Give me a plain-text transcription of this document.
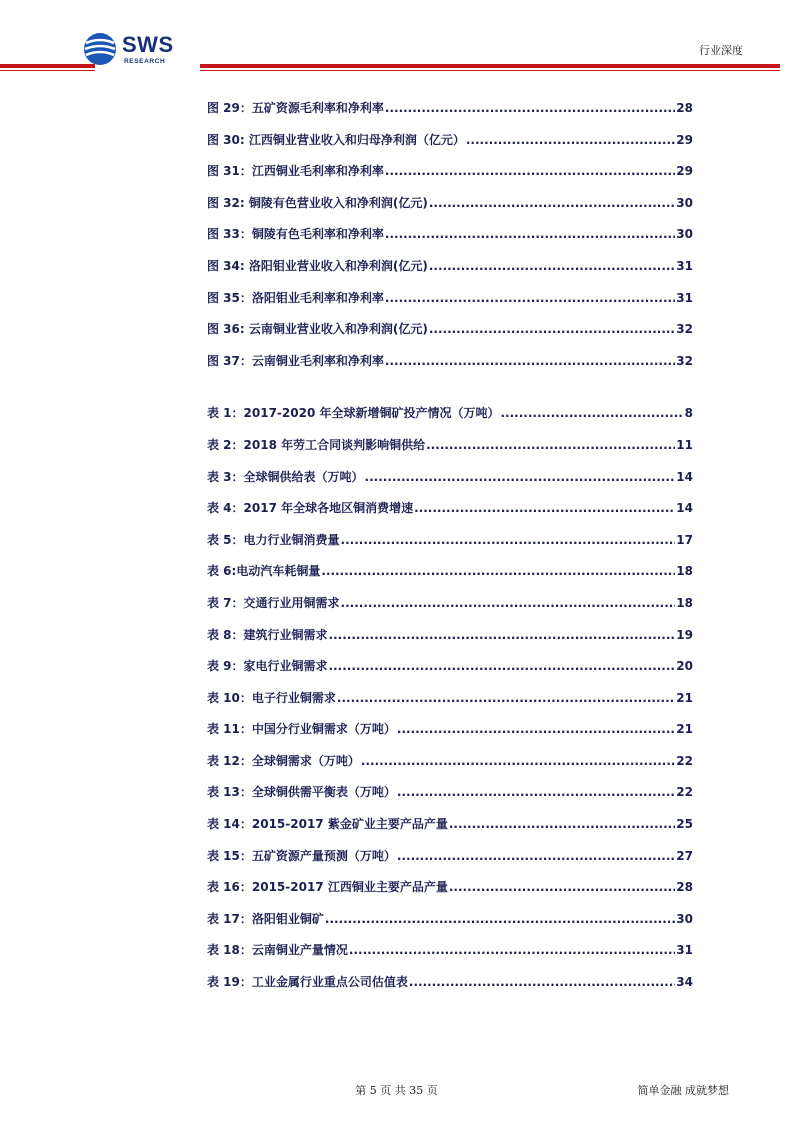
SWS
RESEARCH
行业深度
图 29：五矿资源毛利率和净利率 .....	28
图 30: 江西铜业营业收入和归母净利润（亿元） .....	29
图 31：江西铜业毛利率和净利率 .....	29
图 32: 铜陵有色营业收入和净利润(亿元) .....	30
图 33：铜陵有色毛利率和净利率 .....	30
图 34: 洛阳钼业营业收入和净利润(亿元) .....	31
图 35：洛阳钼业毛利率和净利率 .....	31
图 36: 云南铜业营业收入和净利润(亿元) .....	32
图 37：云南铜业毛利率和净利率 .....	32
表 1：2017-2020 年全球新增铜矿投产情况（万吨） .....	8
表 2：2018 年劳工合同谈判影响铜供给 .....	11
表 3：全球铜供给表（万吨） .....	14
表 4：2017 年全球各地区铜消费增速 .....	14
表 5：电力行业铜消费量 .....	17
表 6:电动汽车耗铜量 .....	18
表 7：交通行业用铜需求 .....	18
表 8：建筑行业铜需求 .....	19
表 9：家电行业铜需求 .....	20
表 10：电子行业铜需求 .....	21
表 11：中国分行业铜需求（万吨） .....	21
表 12：全球铜需求（万吨） .....	22
表 13：全球铜供需平衡表（万吨） .....	22
表 14：2015-2017 紫金矿业主要产品产量 .....	25
表 15：五矿资源产量预测（万吨） .....	27
表 16：2015-2017 江西铜业主要产品产量 .....	28
表 17：洛阳钼业铜矿 .....	30
表 18：云南铜业产量情况 .....	31
表 19：工业金属行业重点公司估值表 .....	34
第 5 页 共 35 页	简单金融 成就梦想
